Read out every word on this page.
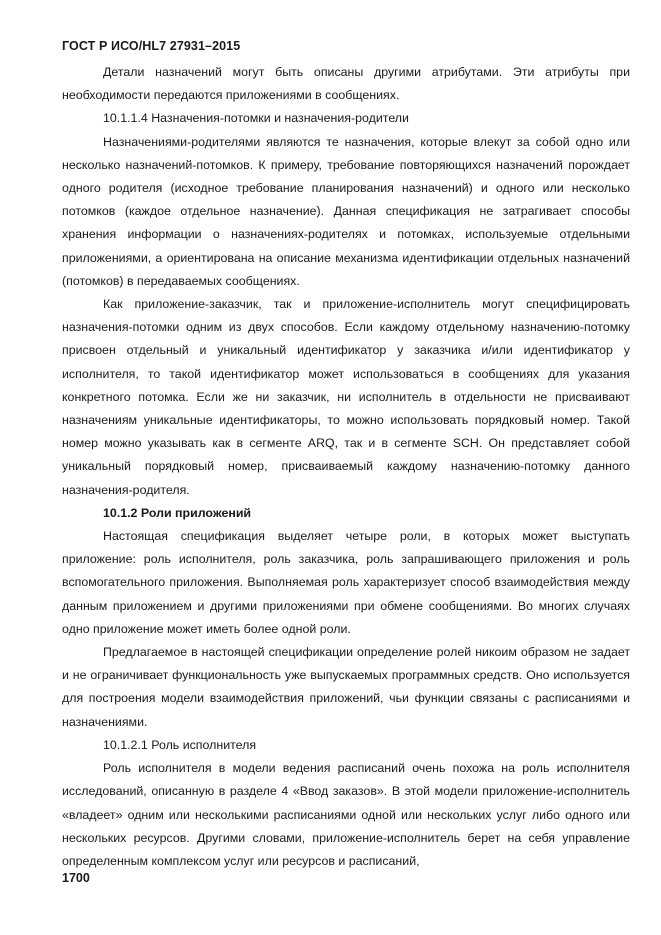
ГОСТ Р ИСО/HL7 27931–2015

Детали назначений могут быть описаны другими атрибутами. Эти атрибуты при необходимости передаются приложениями в сообщениях.

10.1.1.4 Назначения-потомки и назначения-родители

Назначениями-родителями являются те назначения, которые влекут за собой одно или несколько назначений-потомков. К примеру, требование повторяющихся назначений порождает одного родителя (исходное требование планирования назначений) и одного или несколько потомков (каждое отдельное назначение). Данная спецификация не затрагивает способы хранения информации о назначениях-родителях и потомках, используемые отдельными приложениями, а ориентирована на описание механизма идентификации отдельных назначений (потомков) в передаваемых сообщениях.

Как приложение-заказчик, так и приложение-исполнитель могут специфицировать назначения-потомки одним из двух способов. Если каждому отдельному назначению-потомку присвоен отдельный и уникальный идентификатор у заказчика и/или идентификатор у исполнителя, то такой идентификатор может использоваться в сообщениях для указания конкретного потомка. Если же ни заказчик, ни исполнитель в отдельности не присваивают назначениям уникальные идентификаторы, то можно использовать порядковый номер. Такой номер можно указывать как в сегменте ARQ, так и в сегменте SCH. Он представляет собой уникальный порядковый номер, присваиваемый каждому назначению-потомку данного назначения-родителя.

10.1.2 Роли приложений

Настоящая спецификация выделяет четыре роли, в которых может выступать приложение: роль исполнителя, роль заказчика, роль запрашивающего приложения и роль вспомогательного приложения. Выполняемая роль характеризует способ взаимодействия между данным приложением и другими приложениями при обмене сообщениями. Во многих случаях одно приложение может иметь более одной роли.

Предлагаемое в настоящей спецификации определение ролей никоим образом не задает и не ограничивает функциональность уже выпускаемых программных средств. Оно используется для построения модели взаимодействия приложений, чьи функции связаны с расписаниями и назначениями.

10.1.2.1 Роль исполнителя

Роль исполнителя в модели ведения расписаний очень похожа на роль исполнителя исследований, описанную в разделе 4 «Ввод заказов». В этой модели приложение-исполнитель «владеет» одним или несколькими расписаниями одной или нескольких услуг либо одного или нескольких ресурсов. Другими словами, приложение-исполнитель берет на себя управление определенным комплексом услуг или ресурсов и расписаний,

1700
